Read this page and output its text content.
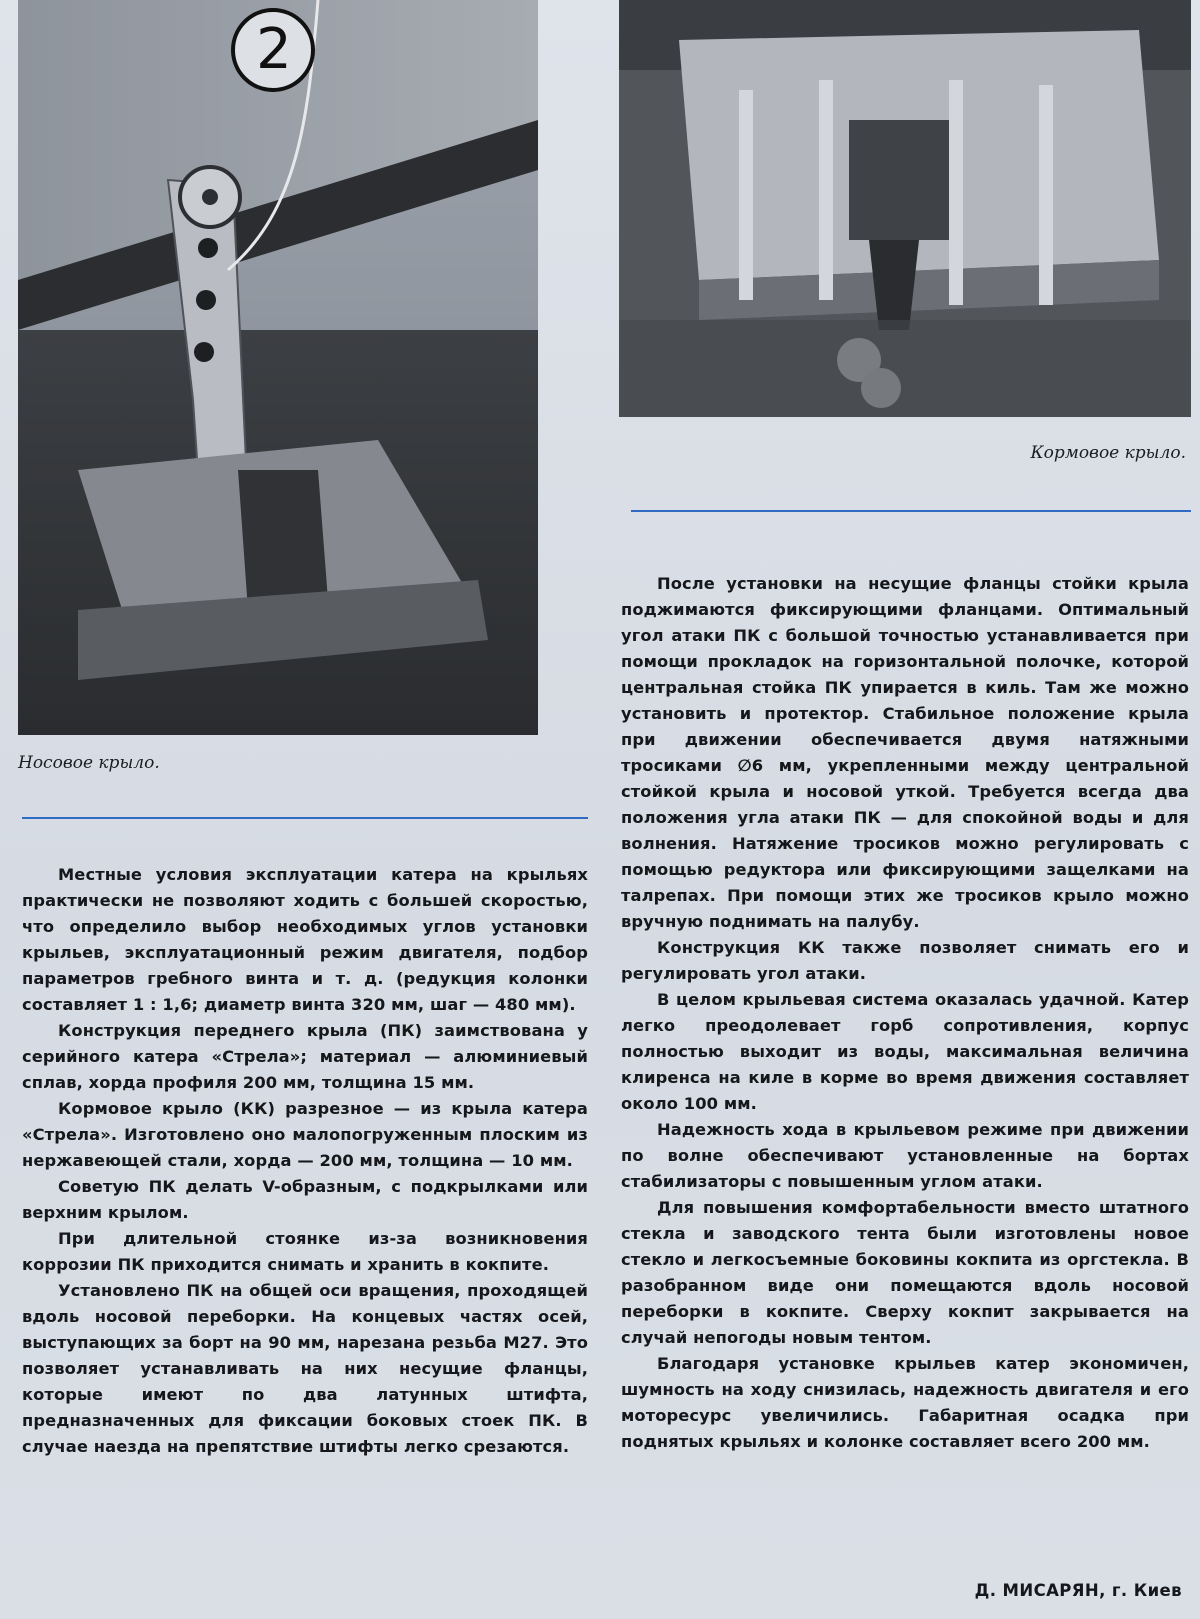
2
Носовое крыло.
Кормовое крыло.

Местные условия эксплуатации катера на крыльях практически не позволяют ходить с большей скоростью, что определило выбор необходимых углов установки крыльев, эксплуатационный режим двигателя, подбор параметров гребного винта и т. д. (редукция колонки составляет 1 : 1,6; диаметр винта 320 мм, шаг — 480 мм).

Конструкция переднего крыла (ПК) заимствована у серийного катера «Стрела»; материал — алюминиевый сплав, хорда профиля 200 мм, толщина 15 мм.

Кормовое крыло (КК) разрезное — из крыла катера «Стрела». Изготовлено оно малопогруженным плоским из нержавеющей стали, хорда — 200 мм, толщина — 10 мм.

Советую ПК делать V-образным, с подкрылками или верхним крылом.

При длительной стоянке из-за возникновения коррозии ПК приходится снимать и хранить в кокпите.

Установлено ПК на общей оси вращения, проходящей вдоль носовой переборки. На концевых частях осей, выступающих за борт на 90 мм, нарезана резьба М27. Это позволяет устанавливать на них несущие фланцы, которые имеют по два латунных штифта, предназначенных для фиксации боковых стоек ПК. В случае наезда на препятствие штифты легко срезаются.

После установки на несущие фланцы стойки крыла поджимаются фиксирующими фланцами. Оптимальный угол атаки ПК с большой точностью устанавливается при помощи прокладок на горизонтальной полочке, которой центральная стойка ПК упирается в киль. Там же можно установить и протектор. Стабильное положение крыла при движении обеспечивается двумя натяжными тросиками ∅6 мм, укрепленными между центральной стойкой крыла и носовой уткой. Требуется всегда два положения угла атаки ПК — для спокойной воды и для волнения. Натяжение тросиков можно регулировать с помощью редуктора или фиксирующими защелками на талрепах. При помощи этих же тросиков крыло можно вручную поднимать на палубу.

Конструкция КК также позволяет снимать его и регулировать угол атаки.

В целом крыльевая система оказалась удачной. Катер легко преодолевает горб сопротивления, корпус полностью выходит из воды, максимальная величина клиренса на киле в корме во время движения составляет около 100 мм.

Надежность хода в крыльевом режиме при движении по волне обеспечивают установленные на бортах стабилизаторы с повышенным углом атаки.

Для повышения комфортабельности вместо штатного стекла и заводского тента были изготовлены новое стекло и легкосъемные боковины кокпита из оргстекла. В разобранном виде они помещаются вдоль носовой переборки в кокпите. Сверху кокпит закрывается на случай непогоды новым тентом.

Благодаря установке крыльев катер экономичен, шумность на ходу снизилась, надежность двигателя и его моторесурс увеличились. Габаритная осадка при поднятых крыльях и колонке составляет всего 200 мм.

Д. МИСАРЯН, г. Киев
